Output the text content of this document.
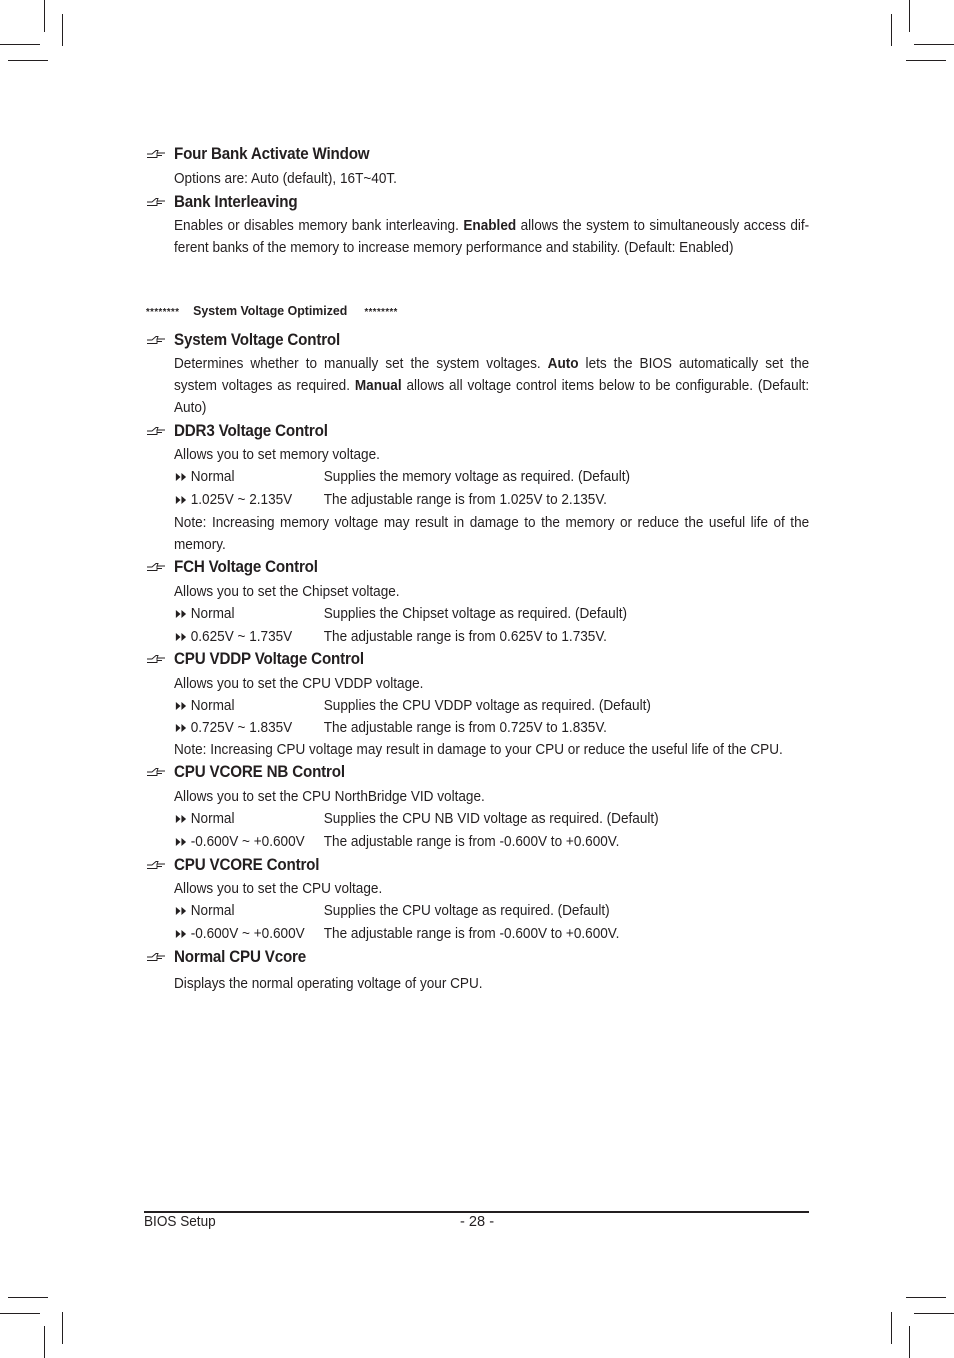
Four Bank Activate Window
Options are: Auto (default), 16T~40T.
Bank Interleaving
Enables or disables memory bank interleaving. Enabled allows the system to simultaneously access dif-ferent banks of the memory to increase memory performance and stability. (Default: Enabled)
******** System Voltage Optimized ********
System Voltage Control
Determines whether to manually set the system voltages. Auto lets the BIOS automatically set the system voltages as required. Manual allows all voltage control items below to be configurable. (Default: Auto)
DDR3 Voltage Control
Allows you to set memory voltage.
Normal	Supplies the memory voltage as required. (Default)
1.025V ~ 2.135V	The adjustable range is from 1.025V to 2.135V.
Note: Increasing memory voltage may result in damage to the memory or reduce the useful life of the memory.
FCH Voltage Control
Allows you to set the Chipset voltage.
Normal	Supplies the Chipset voltage as required. (Default)
0.625V ~ 1.735V	The adjustable range is from 0.625V to 1.735V.
CPU VDDP Voltage Control
Allows you to set the CPU VDDP voltage.
Normal	Supplies the CPU VDDP voltage as required. (Default)
0.725V ~ 1.835V	The adjustable range is from 0.725V to 1.835V.
Note: Increasing CPU voltage may result in damage to your CPU or reduce the useful life of the CPU.
CPU VCORE NB Control
Allows you to set the CPU NorthBridge VID voltage.
Normal	Supplies the CPU NB VID voltage as required. (Default)
-0.600V ~ +0.600V	The adjustable range is from -0.600V to +0.600V.
CPU VCORE Control
Allows you to set the CPU voltage.
Normal	Supplies the CPU voltage as required. (Default)
-0.600V ~ +0.600V	The adjustable range is from -0.600V to +0.600V.
Normal CPU Vcore
Displays the normal operating voltage of your CPU.
BIOS Setup	- 28 -
